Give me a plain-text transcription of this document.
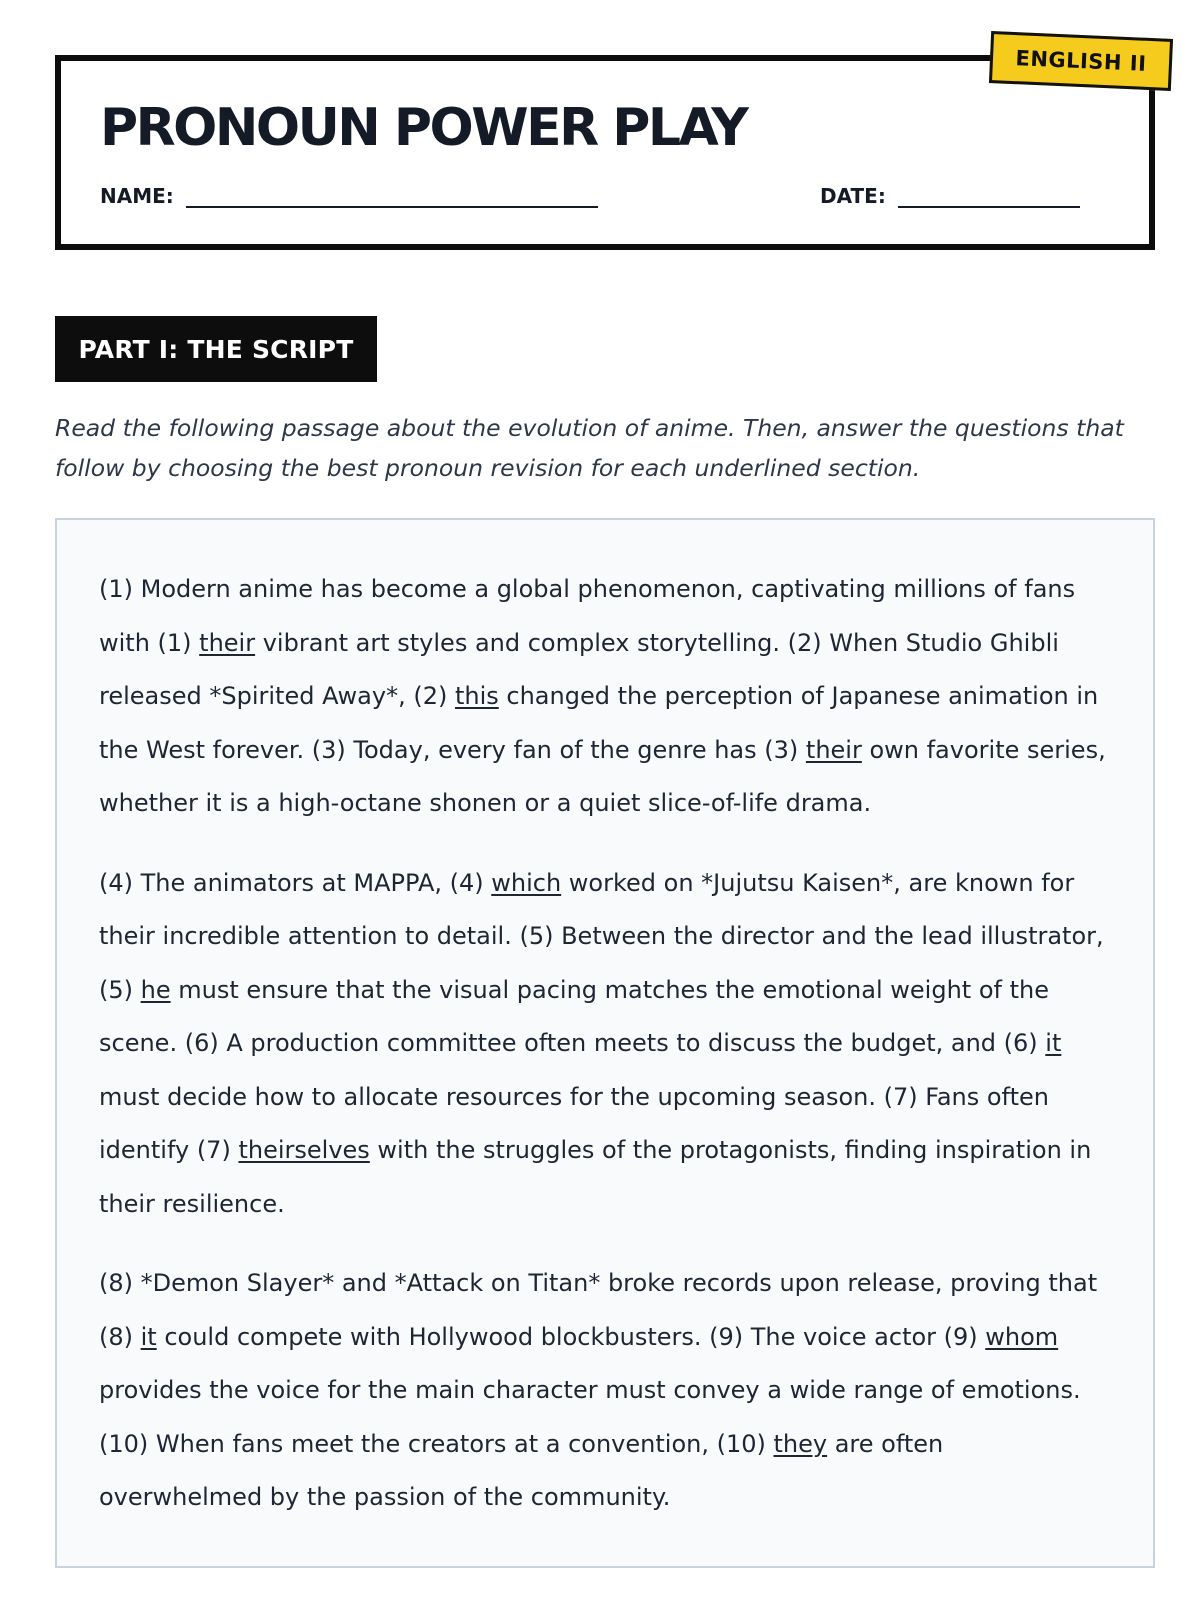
ENGLISH II
PRONOUN POWER PLAY
NAME:	DATE:
PART I: THE SCRIPT

Read the following passage about the evolution of anime. Then, answer the questions that follow by choosing the best pronoun revision for each underlined section.

(1) Modern anime has become a global phenomenon, captivating millions of fans with (1) their vibrant art styles and complex storytelling. (2) When Studio Ghibli released *Spirited Away*, (2) this changed the perception of Japanese animation in the West forever. (3) Today, every fan of the genre has (3) their own favorite series, whether it is a high-octane shonen or a quiet slice-of-life drama.

(4) The animators at MAPPA, (4) which worked on *Jujutsu Kaisen*, are known for their incredible attention to detail. (5) Between the director and the lead illustrator, (5) he must ensure that the visual pacing matches the emotional weight of the scene. (6) A production committee often meets to discuss the budget, and (6) it must decide how to allocate resources for the upcoming season. (7) Fans often identify (7) theirselves with the struggles of the protagonists, finding inspiration in their resilience.

(8) *Demon Slayer* and *Attack on Titan* broke records upon release, proving that (8) it could compete with Hollywood blockbusters. (9) The voice actor (9) whom provides the voice for the main character must convey a wide range of emotions. (10) When fans meet the creators at a convention, (10) they are often overwhelmed by the passion of the community.
